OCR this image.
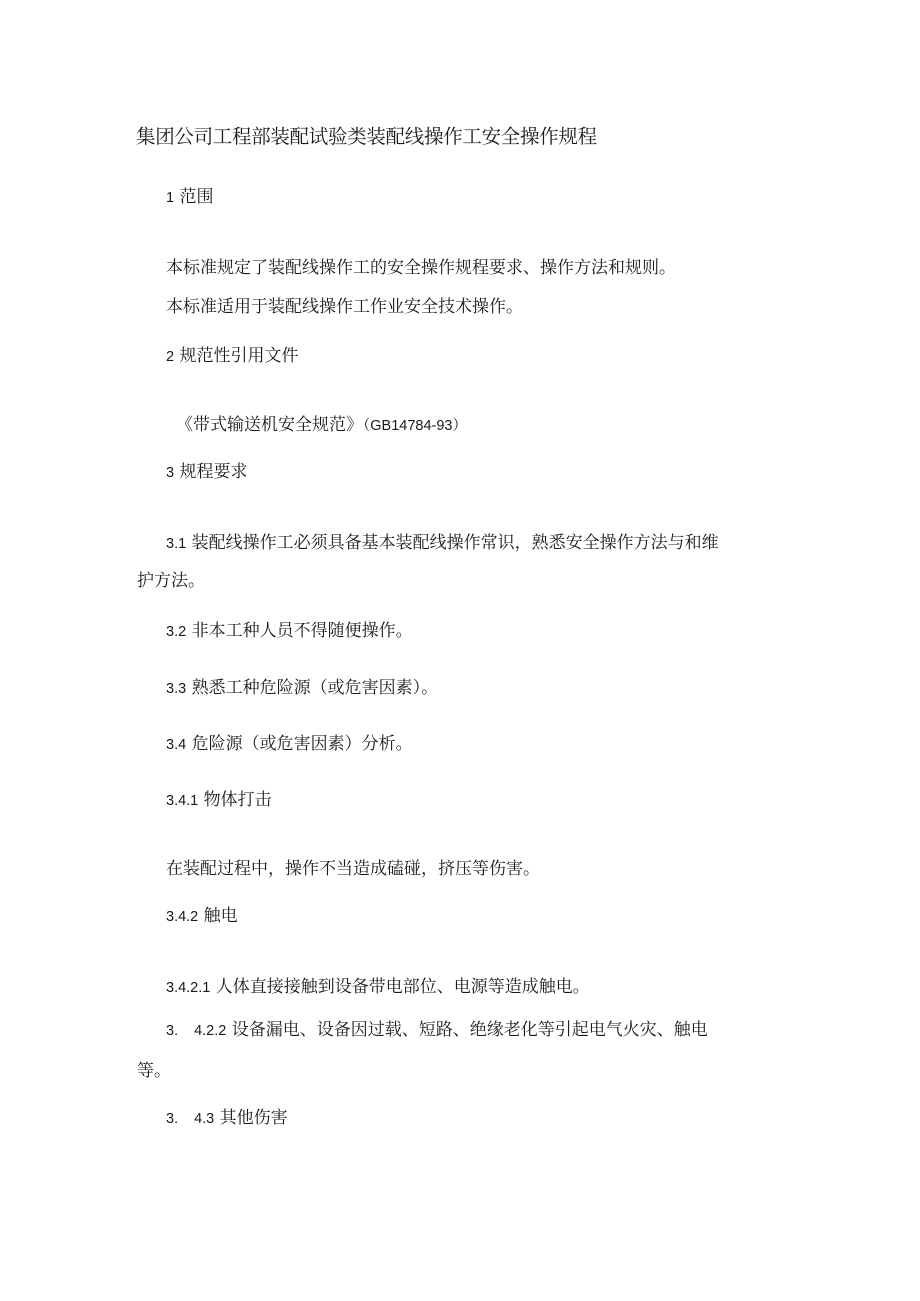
集团公司工程部装配试验类装配线操作工安全操作规程
1 范围
本标准规定了装配线操作工的安全操作规程要求、操作方法和规则。
本标准适用于装配线操作工作业安全技术操作。
2 规范性引用文件
《带式输送机安全规范》（GB14784-93）
3 规程要求
3.1 装配线操作工必须具备基本装配线操作常识，熟悉安全操作方法与和维
护方法。
3.2 非本工种人员不得随便操作。
3.3 熟悉工种危险源（或危害因素）。
3.4 危险源（或危害因素）分析。
3.4.1 物体打击
在装配过程中，操作不当造成磕碰，挤压等伤害。
3.4.2 触电
3.4.2.1 人体直接接触到设备带电部位、电源等造成触电。
3. 4.2.2 设备漏电、设备因过载、短路、绝缘老化等引起电气火灾、触电
等。
3. 4.3 其他伤害
